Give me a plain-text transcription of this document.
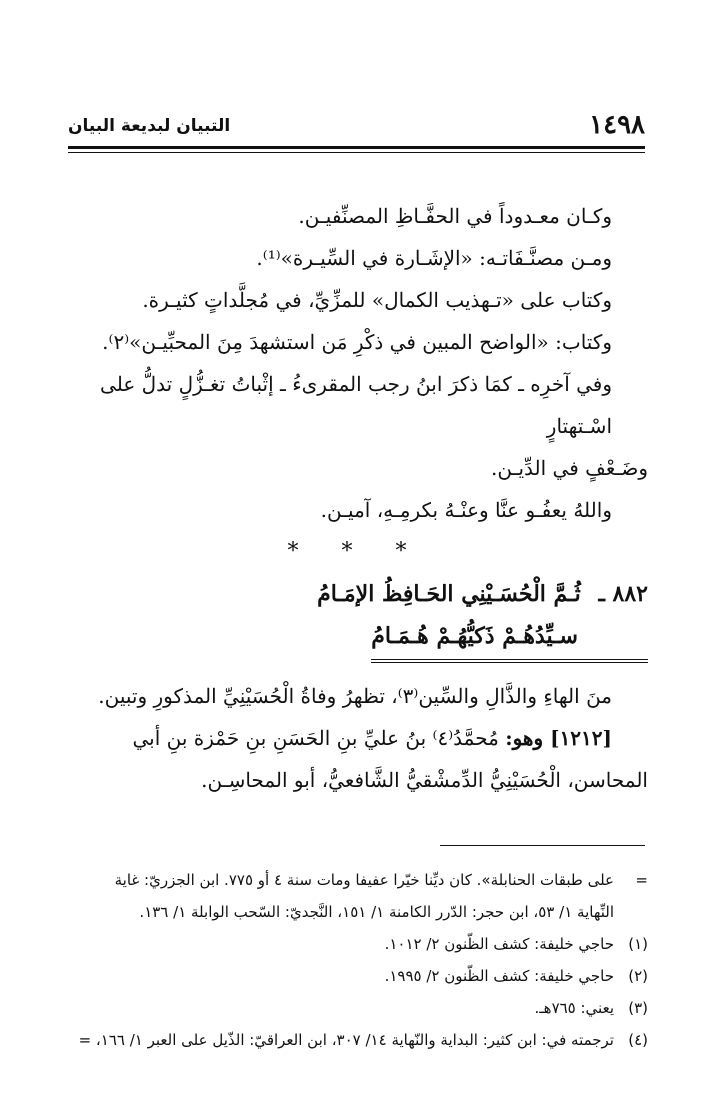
١٤٩٨
التبيان لبديعة البيان

وكـان معـدوداً في الحفَّـاظِ المصنِّفيـن.

ومـن مصنَّـفَاتـه: «الإشَـارة في السِّيـرة»⁽¹⁾.

وكتاب على «تـهذيب الكمال» للمزِّيِّ، في مُجلَّداتٍ كثيـرة.

وكتاب: «الواضح المبين في ذكْرِ مَن استشهدَ مِنَ المحبِّيـن»⁽٢⁾.

وفي آخرِه ـ كمَا ذكرَ ابنُ رجب المقرىءُ ـ إثْباتُ تغـزُّلٍ تدلُّ على اسْـتهتارٍ

وضَـعْفٍ في الدِّيـن.

واللهُ يعفُـو عنَّا وعنْـهُ بكرمِـهِ، آميـن.

* * *

٨٨٢ ـ ثُـمَّ الْحُسَـيْنِي الحَـافِظُ الإمَـامُ

سـيِّدُهُـمْ ذَكيُّهُـمْ هُـمَـامُ

منَ الهاءِ والذَّالِ والسِّين⁽٣⁾، تظهرُ وفاةُ الْحُسَيْنِيِّ المذكورِ وتبين.

[١٢١٢] وهو: مُحمَّدُ⁽٤⁾ بنُ عليِّ بنِ الحَسَنِ بنِ حَمْزة بنِ أبي

المحاسن، الْحُسَيْنِيُّ الدِّمشْقيُّ الشَّافعيُّ، أبو المحاسِـن.

=على طبقات الحنابلة». كان ديِّنا خيّرا عفيفا ومات سنة ٤ أو ٧٧٥. ابن الجزريّ: غاية

النِّهاية ١/ ٥٣، ابن حجر: الدّرر الكامنة ١/ ١٥١، النَّجديّ: السّحب الوابلة ١/ ١٣٦.

(١)حاجي خليفة: كشف الظّنون ٢/ ١٠١٢.

(٢)حاجي خليفة: كشف الظّنون ٢/ ١٩٩٥.

(٣)يعني: ٧٦٥هـ.

(٤)ترجمته في: ابن كثير: البداية والنّهاية ١٤/ ٣٠٧، ابن العراقيّ: الذّيل على العبر ١/ ١٦٦، =
